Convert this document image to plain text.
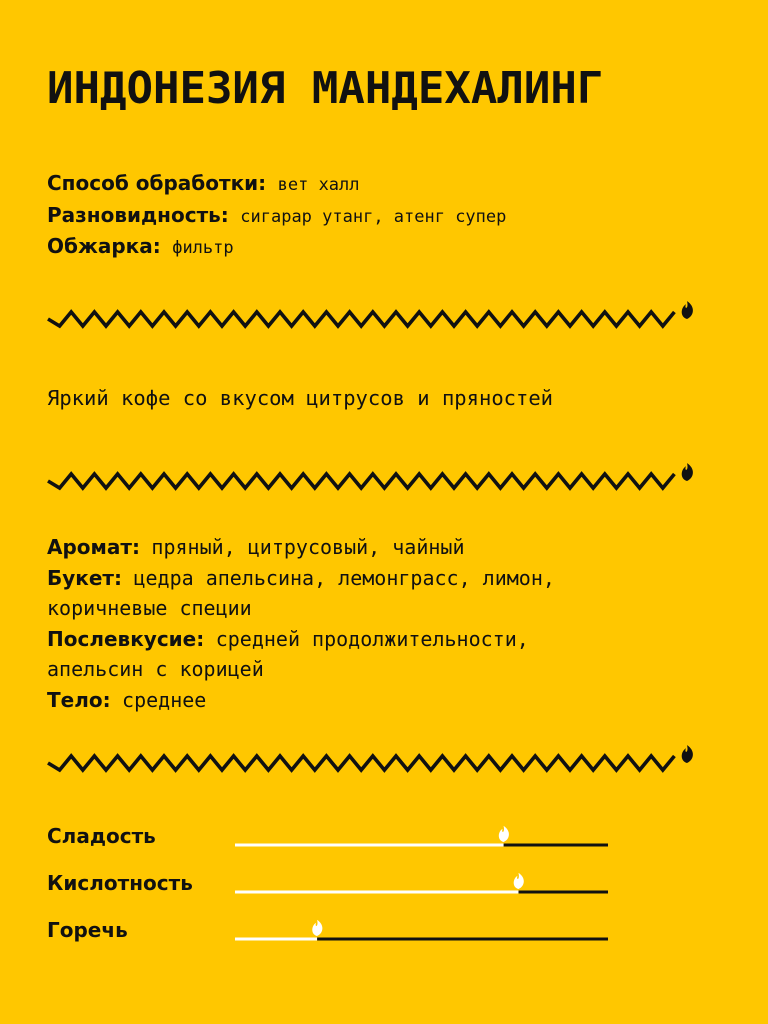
ИНДОНЕЗИЯ МАНДЕХАЛИНГ
Способ обработки: вет халл
Разновидность: сигарар утанг, атенг супер
Обжарка: фильтр
Яркий кофе со вкусом цитрусов и пряностей
Аромат: пряный, цитрусовый, чайный
Букет: цедра апельсина, лемонграсс, лимон,
коричневые специи
Послевкусие: средней продолжительности,
апельсин с корицей
Тело: среднее
Сладость
Кислотность
Горечь
